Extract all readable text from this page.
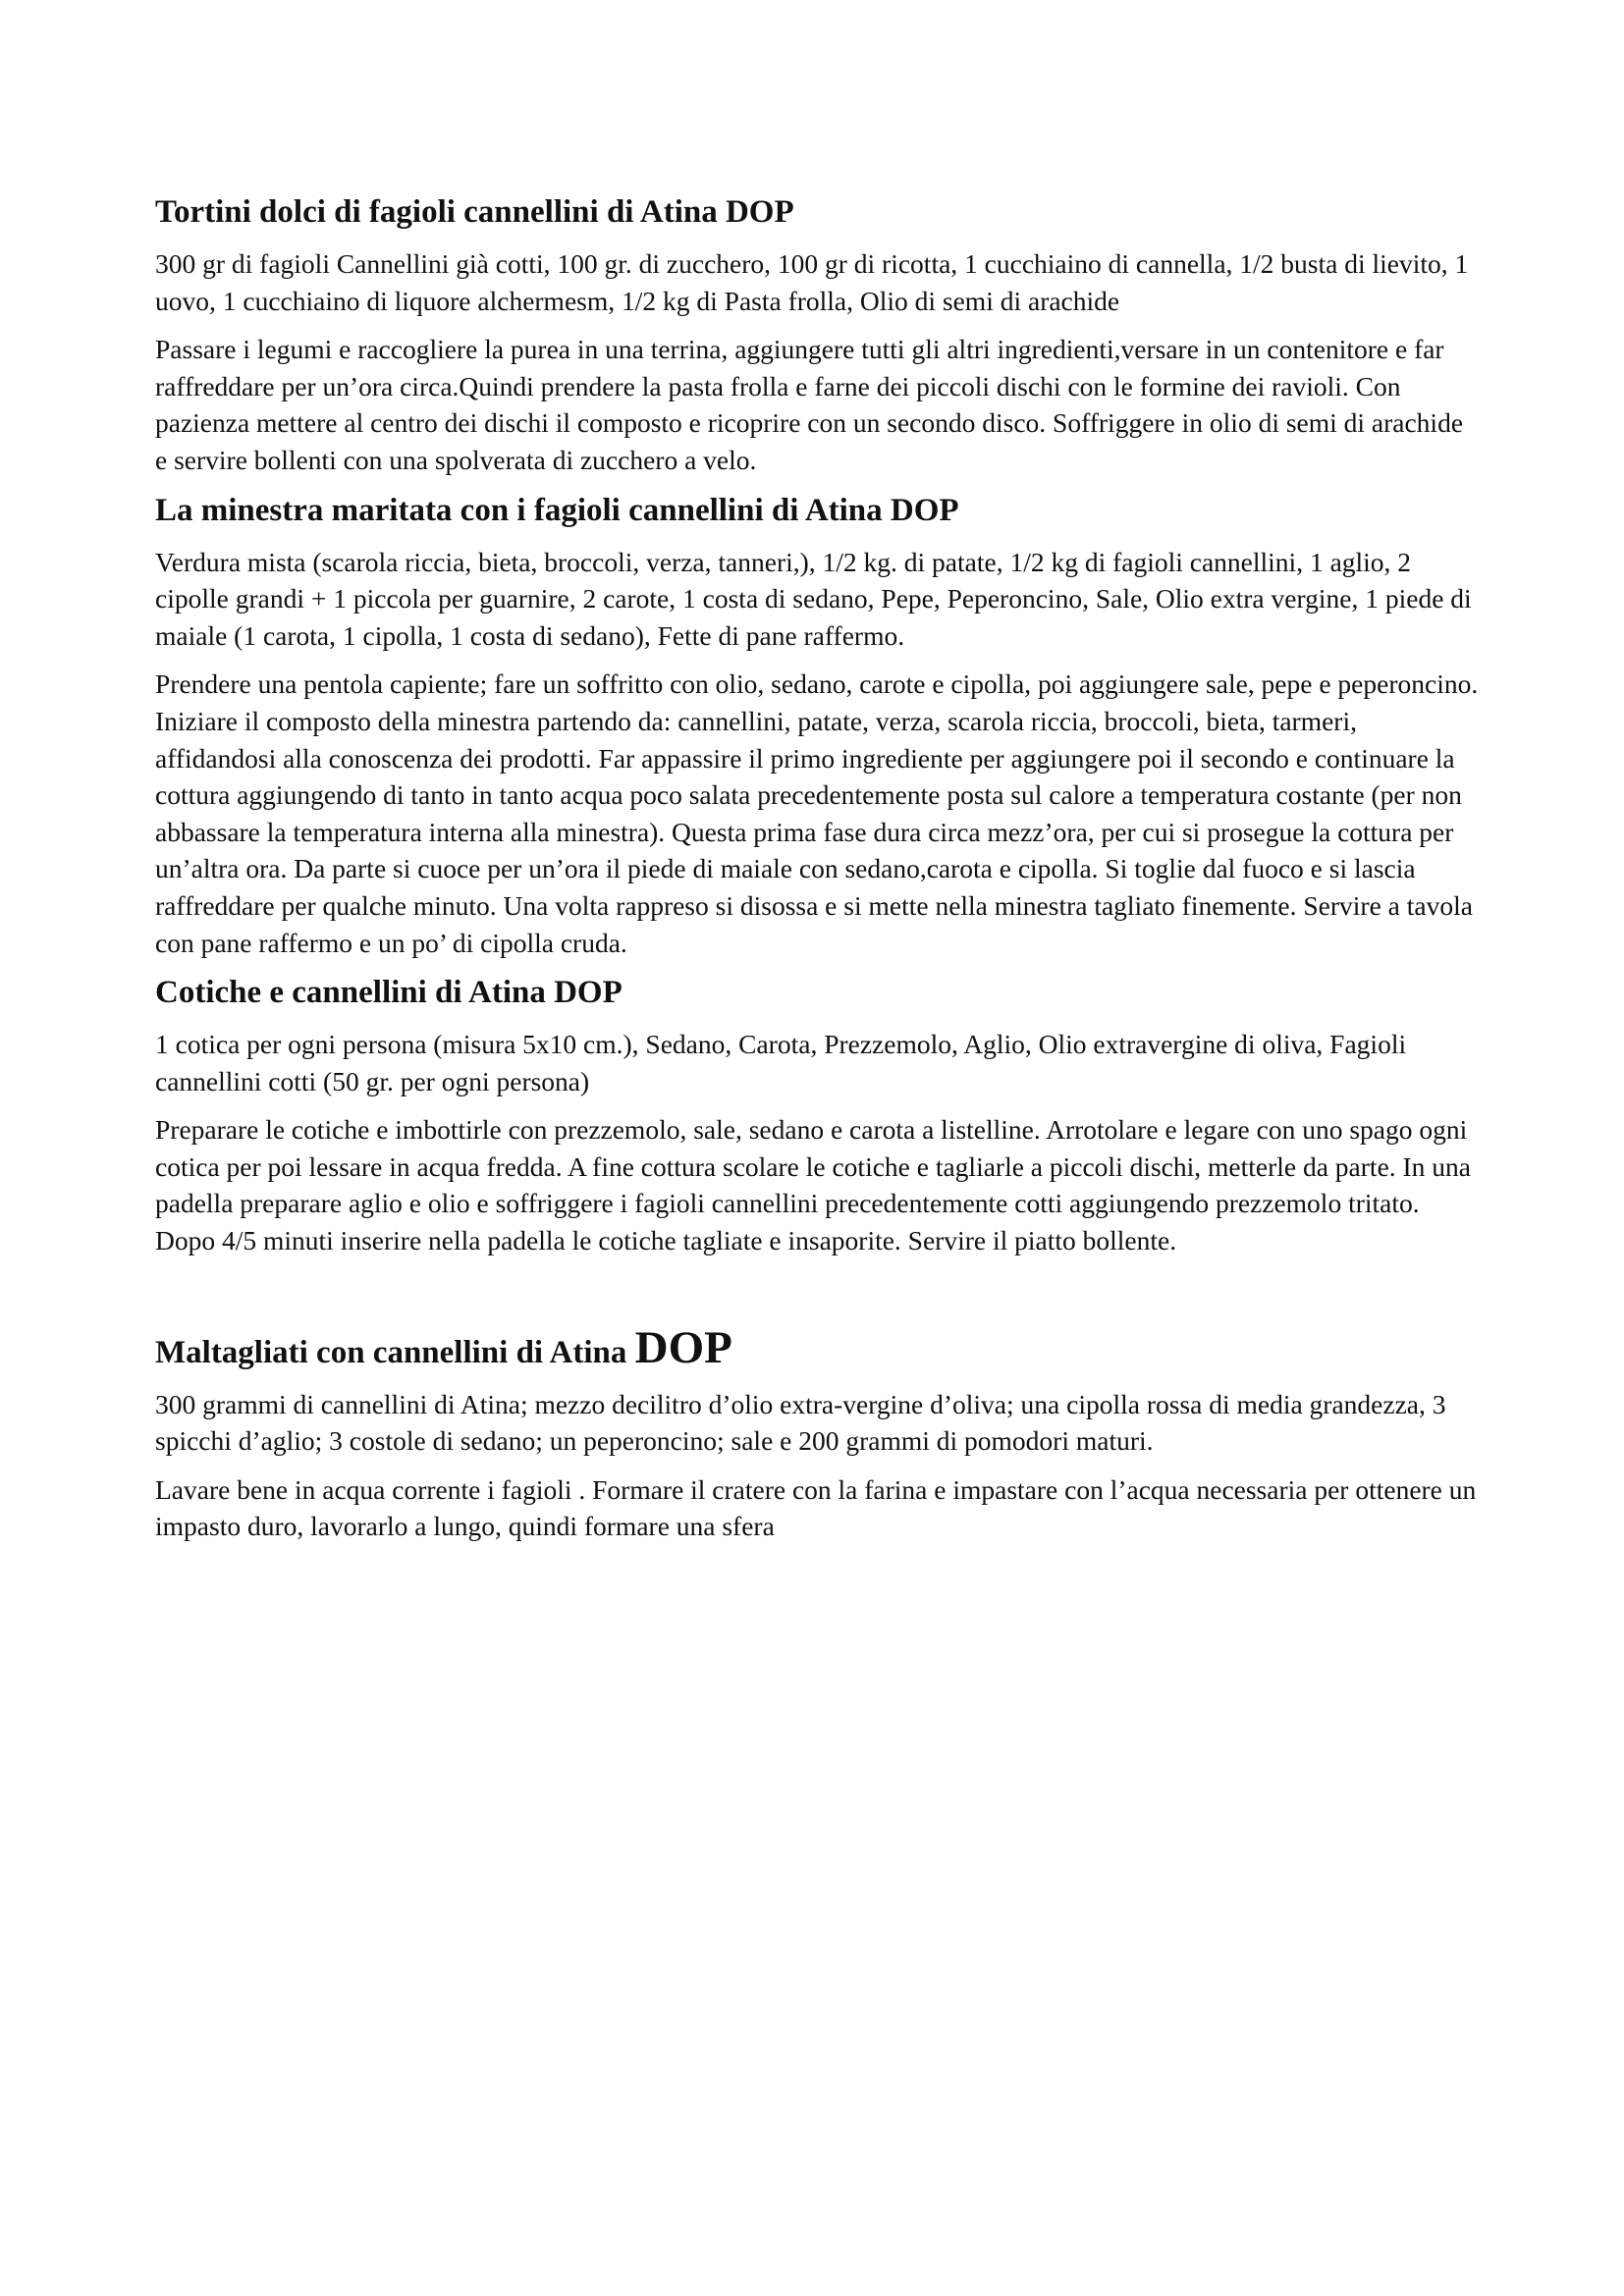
Tortini dolci di fagioli cannellini di Atina DOP

300 gr di fagioli Cannellini già cotti, 100 gr. di zucchero, 100 gr di ricotta, 1 cucchiaino di cannella, 1/2 busta di lievito, 1 uovo, 1 cucchiaino di liquore alchermesm, 1/2 kg di Pasta frolla, Olio di semi di arachide

Passare i legumi e raccogliere la purea in una terrina, aggiungere tutti gli altri ingredienti,versare in un contenitore e far raffreddare per un’ora circa.Quindi prendere la pasta frolla e farne dei piccoli dischi con le formine dei ravioli. Con pazienza mettere al centro dei dischi il composto e ricoprire con un secondo disco. Soffriggere in olio di semi di arachide e servire bollenti con una spolverata di zucchero a velo.

La minestra maritata con i fagioli cannellini di Atina DOP

Verdura mista (scarola riccia, bieta, broccoli, verza, tanneri,), 1/2 kg. di patate, 1/2 kg di fagioli cannellini, 1 aglio, 2 cipolle grandi + 1 piccola per guarnire, 2 carote, 1 costa di sedano, Pepe, Peperoncino, Sale, Olio extra vergine, 1 piede di maiale (1 carota, 1 cipolla, 1 costa di sedano), Fette di pane raffermo.

Prendere una pentola capiente; fare un soffritto con olio, sedano, carote e cipolla, poi aggiungere sale, pepe e peperoncino. Iniziare il composto della minestra partendo da: cannellini, patate, verza, scarola riccia, broccoli, bieta, tarmeri, affidandosi alla conoscenza dei prodotti. Far appassire il primo ingrediente per aggiungere poi il secondo e continuare la cottura aggiungendo di tanto in tanto acqua poco salata precedentemente posta sul calore a temperatura costante (per non abbassare la temperatura interna alla minestra). Questa prima fase dura circa mezz’ora, per cui si prosegue la cottura per un’altra ora. Da parte si cuoce per un’ora il piede di maiale con sedano,carota e cipolla. Si toglie dal fuoco e si lascia raffreddare per qualche minuto. Una volta rappreso si disossa e si mette nella minestra tagliato finemente. Servire a tavola con pane raffermo e un po’ di cipolla cruda.

Cotiche e cannellini di Atina DOP

1 cotica per ogni persona (misura 5x10 cm.), Sedano, Carota, Prezzemolo, Aglio, Olio extravergine di oliva, Fagioli cannellini cotti (50 gr. per ogni persona)

Preparare le cotiche e imbottirle con prezzemolo, sale, sedano e carota a listelline. Arrotolare e legare con uno spago ogni cotica per poi lessare in acqua fredda. A fine cottura scolare le cotiche e tagliarle a piccoli dischi, metterle da parte. In una padella preparare aglio e olio e soffriggere i fagioli cannellini precedentemente cotti aggiungendo prezzemolo tritato. Dopo 4/5 minuti inserire nella padella le cotiche tagliate e insaporite. Servire il piatto bollente.

Maltagliati con cannellini di Atina DOP

300 grammi di cannellini di Atina; mezzo decilitro d’olio extra-vergine d’oliva; una cipolla rossa di media grandezza, 3 spicchi d’aglio; 3 costole di sedano; un peperoncino; sale e 200 grammi di pomodori maturi.

Lavare bene in acqua corrente i fagioli . Formare il cratere con la farina e impastare con l’acqua necessaria per ottenere un impasto duro, lavorarlo a lungo, quindi formare una sfera
